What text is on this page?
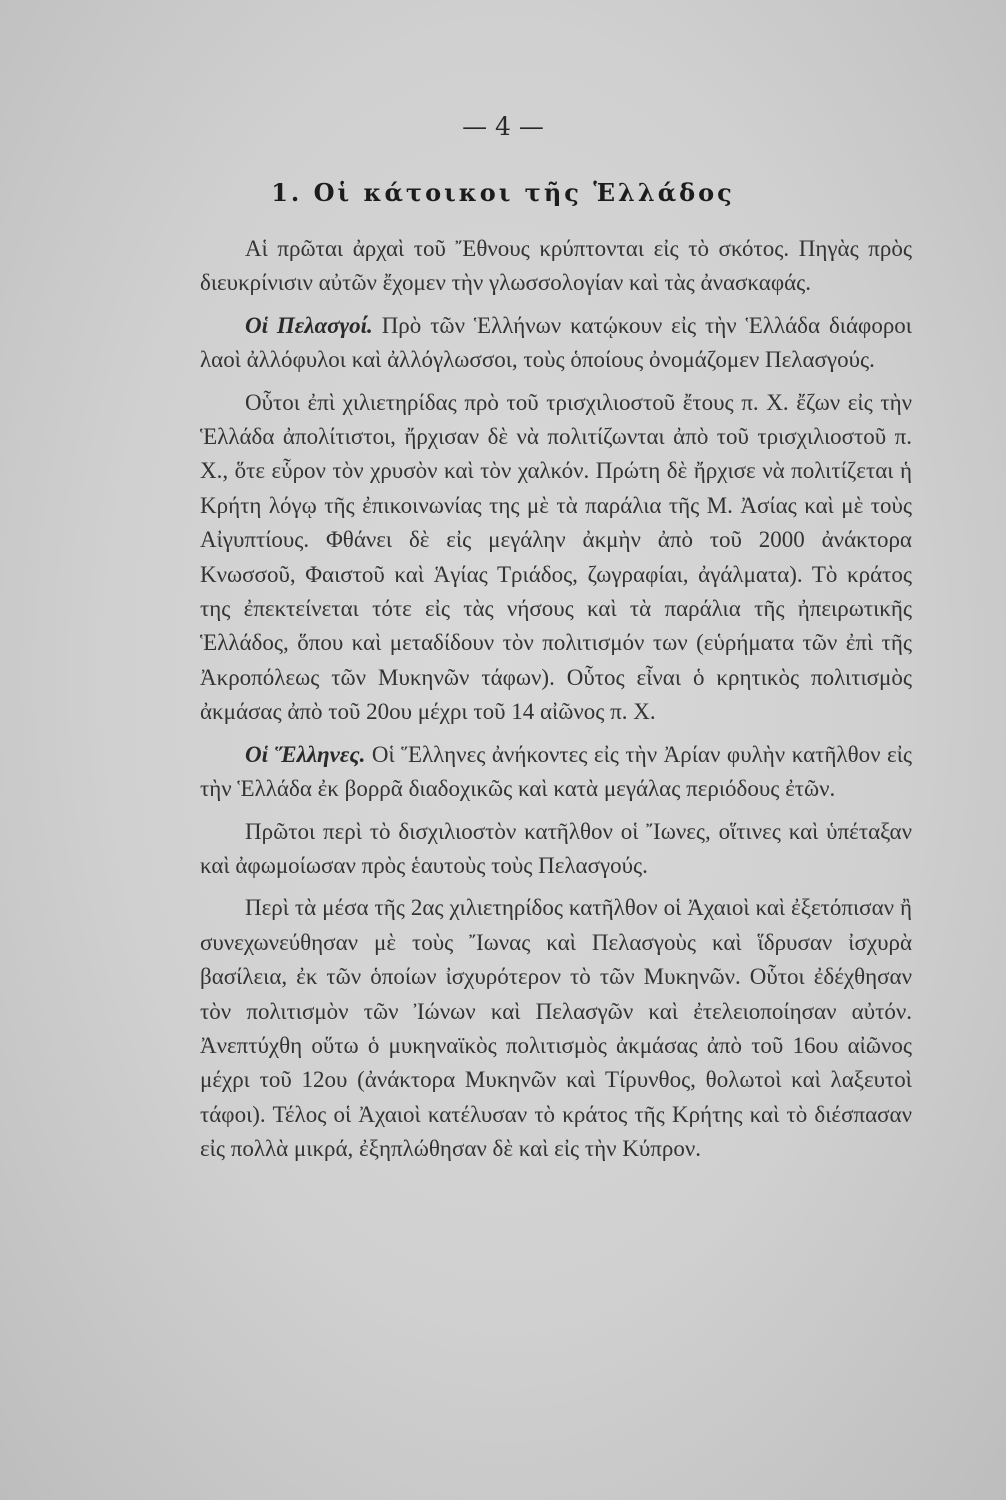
— 4 —
1. Οἱ κάτοικοι τῆς Ἑλλάδος

Αἱ πρῶται ἀρχαὶ τοῦ Ἔθνους κρύπτονται εἰς τὸ σκότος. Πηγὰς πρὸς διευκρίνισιν αὐτῶν ἔχομεν τὴν γλωσσολογίαν καὶ τὰς ἀνασκαφάς.

Οἱ Πελασγοί. Πρὸ τῶν Ἑλλήνων κατῴκουν εἰς τὴν Ἑλλάδα διάφοροι λαοὶ ἀλλόφυλοι καὶ ἀλλόγλωσσοι, τοὺς ὁποίους ὀνομάζομεν Πελασγούς.

Οὗτοι ἐπὶ χιλιετηρίδας πρὸ τοῦ τρισχιλιοστοῦ ἔτους π. Χ. ἔζων εἰς τὴν Ἑλλάδα ἀπολίτιστοι, ἤρχισαν δὲ νὰ πολιτίζωνται ἀπὸ τοῦ τρισχιλιοστοῦ π. Χ., ὅτε εὗρον τὸν χρυσὸν καὶ τὸν χαλκόν. Πρώτη δὲ ἤρχισε νὰ πολιτίζεται ἡ Κρήτη λόγῳ τῆς ἐπικοινωνίας της μὲ τὰ παράλια τῆς Μ. Ἀσίας καὶ μὲ τοὺς Αἰγυπτίους. Φθάνει δὲ εἰς μεγάλην ἀκμὴν ἀπὸ τοῦ 2000 ἀνάκτορα Κνωσσοῦ, Φαιστοῦ καὶ Ἁγίας Τριάδος, ζωγραφίαι, ἀγάλματα). Τὸ κράτος της ἐπεκτείνεται τότε εἰς τὰς νήσους καὶ τὰ παράλια τῆς ἠπειρωτικῆς Ἑλλάδος, ὅπου καὶ μεταδίδουν τὸν πολιτισμόν των (εὑρήματα τῶν ἐπὶ τῆς Ἀκροπόλεως τῶν Μυκηνῶν τάφων). Οὗτος εἶναι ὁ κρητικὸς πολιτισμὸς ἀκμάσας ἀπὸ τοῦ 20ου μέχρι τοῦ 14 αἰῶνος π. Χ.

Οἱ Ἕλληνες. Οἱ Ἕλληνες ἀνήκοντες εἰς τὴν Ἀρίαν φυλὴν κατῆλθον εἰς τὴν Ἑλλάδα ἐκ βορρᾶ διαδοχικῶς καὶ κατὰ μεγάλας περιόδους ἐτῶν.

Πρῶτοι περὶ τὸ δισχιλιοστὸν κατῆλθον οἱ Ἴωνες, οἵτινες καὶ ὑπέταξαν καὶ ἀφωμοίωσαν πρὸς ἑαυτοὺς τοὺς Πελασγούς.

Περὶ τὰ μέσα τῆς 2ας χιλιετηρίδος κατῆλθον οἱ Ἀχαιοὶ καὶ ἐξετόπισαν ἢ συνεχωνεύθησαν μὲ τοὺς Ἴωνας καὶ Πελασγοὺς καὶ ἵδρυσαν ἰσχυρὰ βασίλεια, ἐκ τῶν ὁποίων ἰσχυρότερον τὸ τῶν Μυκηνῶν. Οὗτοι ἐδέχθησαν τὸν πολιτισμὸν τῶν Ἰώνων καὶ Πελασγῶν καὶ ἐτελειοποίησαν αὐτόν. Ἀνεπτύχθη οὕτω ὁ μυκηναϊκὸς πολιτισμὸς ἀκμάσας ἀπὸ τοῦ 16ου αἰῶνος μέχρι τοῦ 12ου (ἀνάκτορα Μυκηνῶν καὶ Τίρυνθος, θολωτοὶ καὶ λαξευτοὶ τάφοι). Τέλος οἱ Ἀχαιοὶ κατέλυσαν τὸ κράτος τῆς Κρήτης καὶ τὸ διέσπασαν εἰς πολλὰ μικρά, ἐξηπλώθησαν δὲ καὶ εἰς τὴν Κύπρον.
